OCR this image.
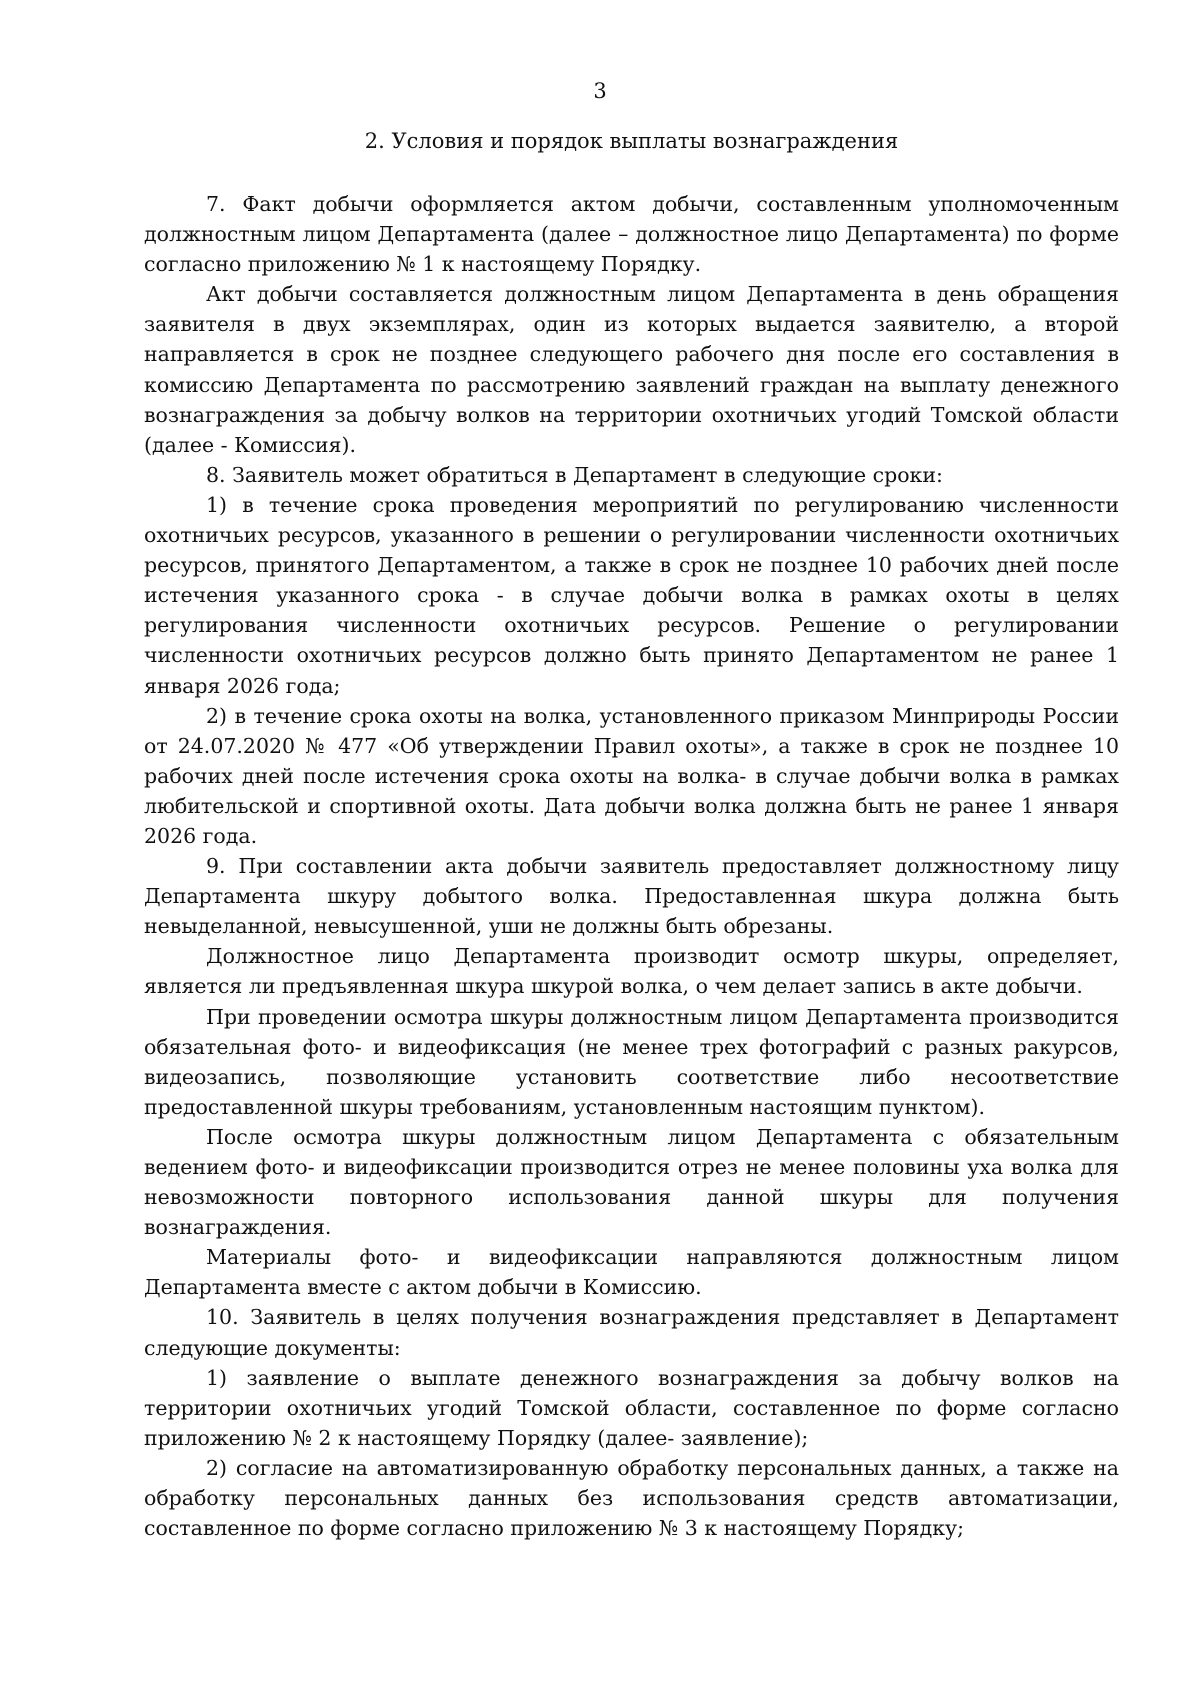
3
2. Условия и порядок выплаты вознаграждения

7. Факт добычи оформляется актом добычи, составленным уполномоченным должностным лицом Департамента (далее – должностное лицо Департамента) по форме согласно приложению № 1 к настоящему Порядку.

Акт добычи составляется должностным лицом Департамента в день обращения заявителя в двух экземплярах, один из которых выдается заявителю, а второй направляется в срок не позднее следующего рабочего дня после его составления в комиссию Департамента по рассмотрению заявлений граждан на выплату денежного вознаграждения за добычу волков на территории охотничьих угодий Томской области (далее - Комиссия).

8. Заявитель может обратиться в Департамент в следующие сроки:

1) в течение срока проведения мероприятий по регулированию численности охотничьих ресурсов, указанного в решении о регулировании численности охотничьих ресурсов, принятого Департаментом, а также в срок не позднее 10 рабочих дней после истечения указанного срока - в случае добычи волка в рамках охоты в целях регулирования численности охотничьих ресурсов. Решение о регулировании численности охотничьих ресурсов должно быть принято Департаментом не ранее 1 января 2026 года;

2) в течение срока охоты на волка, установленного приказом Минприроды России от 24.07.2020 № 477 «Об утверждении Правил охоты», а также в срок не позднее 10 рабочих дней после истечения срока охоты на волка- в случае добычи волка в рамках любительской и спортивной охоты. Дата добычи волка должна быть не ранее 1 января 2026 года.

9. При составлении акта добычи заявитель предоставляет должностному лицу Департамента шкуру добытого волка. Предоставленная шкура должна быть невыделанной, невысушенной, уши не должны быть обрезаны.

Должностное лицо Департамента производит осмотр шкуры, определяет, является ли предъявленная шкура шкурой волка, о чем делает запись в акте добычи.

При проведении осмотра шкуры должностным лицом Департамента производится обязательная фото- и видеофиксация (не менее трех фотографий с разных ракурсов, видеозапись, позволяющие установить соответствие либо несоответствие предоставленной шкуры требованиям, установленным настоящим пунктом).

После осмотра шкуры должностным лицом Департамента с обязательным ведением фото- и видеофиксации производится отрез не менее половины уха волка для невозможности повторного использования данной шкуры для получения вознаграждения.

Материалы фото- и видеофиксации направляются должностным лицом Департамента вместе с актом добычи в Комиссию.

10. Заявитель в целях получения вознаграждения представляет в Департамент следующие документы:

1) заявление о выплате денежного вознаграждения за добычу волков на территории охотничьих угодий Томской области, составленное по форме согласно приложению № 2 к настоящему Порядку (далее- заявление);

2) согласие на автоматизированную обработку персональных данных, а также на обработку персональных данных без использования средств автоматизации, составленное по форме согласно приложению № 3 к настоящему Порядку;
